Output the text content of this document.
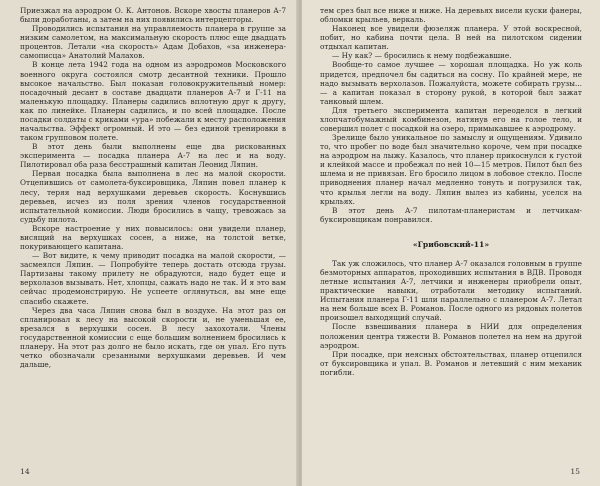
Приезжал на аэродром О. К. Антонов. Вскоре хвосты планеров А-7 были доработаны, а затем на них появились интерцепторы.

Проводились испытания на управляемость планера в группе за низким самолетом, на максимальную скорость плюс еще двадцать процентов. Летали «на скорость» Адам Добахов, «за инженера-самописца» Анатолий Малахов.

В конце лета 1942 года на одном из аэродромов Московского военного округа состоялся смотр десантной техники. Прошло высокое начальство. Был показан головокружительный номер: посадочный десант в составе двадцати планеров А-7 и Г-11 на маленькую площадку. Планеры садились вплотную друг к другу, как по линейке. Планеры садились, и по всей площадке. После посадки солдаты с криками «ура» побежали к месту расположения начальства. Эффект огромный. И это — без единой тренировки в таком групповом полете.

В этот день были выполнены еще два рискованных эксперимента — посадка планера А-7 на лес и на воду. Пилотировал оба раза бесстрашный капитан Леонид Ляпин.

Первая посадка была выполнена в лес на малой скорости. Отцепившись от самолета-буксировщика, Ляпин повел планер к лесу, теряя над верхушками деревьев скорость. Коснувшись деревьев, исчез из поля зрения членов государственной испытательной комиссии. Люди бросились в чащу, тревожась за судьбу пилота.

Вскоре настроение у них повысилось: они увидели планер, висящий на верхушках сосен, а ниже, на толстой ветке, покуривающего капитана.

— Вот видите, к чему приводит посадка на малой скорости, — засмеялся Ляпин. — Попробуйте теперь достать отсюда грузы. Партизаны такому прилету не обрадуются, надо будет еще и верхолазов вызывать. Нет, хлопцы, сажать надо не так. И я это вам сейчас продемонстрирую. Не успеете оглянуться, вы мне еще спасибо скажете.

Через два часа Ляпин снова был в воздухе. На этот раз он спланировал к лесу на высокой скорости и, не уменьшая ее, врезался в верхушки сосен. В лесу захохотали. Члены государственной комиссии с еще большим волнением бросились к планеру. На этот раз долго не было искать, где он упал. Его путь четко обозначали срезанными верхушками деревьев. И чем дальше,

14

тем срез был все ниже и ниже. На деревьях висели куски фанеры, обломки крыльев, веркаль.

Наконец все увидели фюзеляж планера. У этой воскресной, побит, но кабина почти цела. В ней на пилотском сидении отдыхал капитан.

— Ну как? — бросились к нему подбежавшие.

Вообще-то самое лучшее — хорошая площадка. Но уж коль придется, предпочел бы садиться на сосну. По крайней мере, не надо вызывать верхолазов. Пожалуйста, можете собирать грузы...— а капитан показал в сторону рукой, в которой был зажат танковый шлем.

Для третьего эксперимента капитан переоделся в легкий хлопчатобумажный комбинезон, натянув его на голое тело, и совершил полет с посадкой на озеро, примыкавшее к аэродрому.

Зрелище было уникальное по замыслу и ощущениям. Удивило то, что пробег по воде был значительно короче, чем при посадке на аэродром на лыжу. Казалось, что планер прикоснулся к густой и клейкой массе и пробежал по ней 10—15 метров. Пилот был без шлема и не привязан. Его бросило лицом в лобовое стекло. После приводнения планер начал медленно тонуть и погрузился так, что крылья легли на воду. Ляпин вылез из кабины, уселся на крыльях.

В этот день А-7 пилотам-планеристам и летчикам-буксировщикам понравился.

«Грибовский-11»

Так уж сложилось, что планер А-7 оказался головным в группе безмоторных аппаратов, проходивших испытания в ВДВ. Проводя летные испытания А-7, летчики и инженеры приобрели опыт, практические навыки, отработали методику испытаний. Испытания планера Г-11 шли параллельно с планером А-7. Летал на нем больше всех В. Романов. После одного из рядовых полетов произошел выходящий случай.

После взвешивания планера в НИИ для определения положения центра тяжести В. Романов полетел на нем на другой аэродром.

При посадке, при неясных обстоятельствах, планер отцепился от буксировщика и упал. В. Романов и летевший с ним механик погибли.

15
